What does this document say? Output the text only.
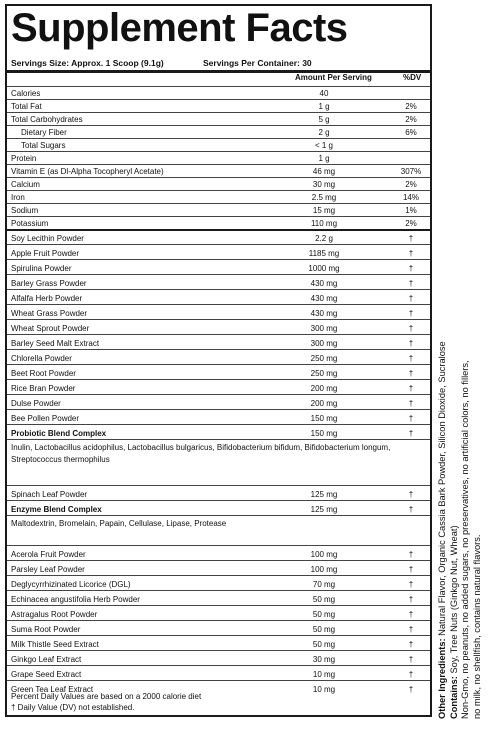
Supplement Facts
Servings Size: Approx. 1 Scoop (9.1g)	Servings Per Container: 30
Amount Per Serving	%DV
Calories	40
Total Fat	1 g	2%
Total Carbohydrates	5 g	2%
Dietary Fiber	2 g	6%
Total Sugars	< 1 g
Protein	1 g
Vitamin E (as Dl-Alpha Tocopheryl Acetate)	46 mg	307%
Calcium	30 mg	2%
Iron	2.5 mg	14%
Sodium	15 mg	1%
Potassium	110 mg	2%
Soy Lecithin Powder	2.2 g	†
Apple Fruit Powder	1185 mg	†
Spirulina Powder	1000 mg	†
Barley Grass Powder	430 mg	†
Alfalfa Herb Powder	430 mg	†
Wheat Grass Powder	430 mg	†
Wheat Sprout Powder	300 mg	†
Barley Seed Malt Extract	300 mg	†
Chlorella Powder	250 mg	†
Beet Root Powder	250 mg	†
Rice Bran Powder	200 mg	†
Dulse Powder	200 mg	†
Bee Pollen Powder	150 mg	†
Probiotic Blend Complex	150 mg	†
Inulin, Lactobacillus acidophilus, Lactobacillus bulgaricus, Bifidobacterium bifidum, Bifidobacterium longum, Streptococcus thermophilus
Spinach Leaf Powder	125 mg	†
Enzyme Blend Complex	125 mg	†
Maltodextrin, Bromelain, Papain, Cellulase, Lipase, Protease
Acerola Fruit Powder	100 mg	†
Parsley Leaf Powder	100 mg	†
Deglycyrrhizinated Licorice (DGL)	70 mg	†
Echinacea angustifolia Herb Powder	50 mg	†
Astragalus Root Powder	50 mg	†
Suma Root Powder	50 mg	†
Milk Thistle Seed Extract	50 mg	†
Ginkgo Leaf Extract	30 mg	†
Grape Seed Extract	10 mg	†
Green Tea Leaf Extract	10 mg	†
Percent Daily Values are based on a 2000 calorie diet
† Daily Value (DV) not established.	Other Ingredients: Natural Flavor, Organic Cassia Bark Powder, Silicon Dioxide, Sucralose

Contains: Soy, Tree Nuts (Ginkgo Nut, Wheat) Non-Gmo, no peanuts, no added sugars, no preservatives, no artificial colors, no fillers, no milk, no shellfish, contains natural flavors.
